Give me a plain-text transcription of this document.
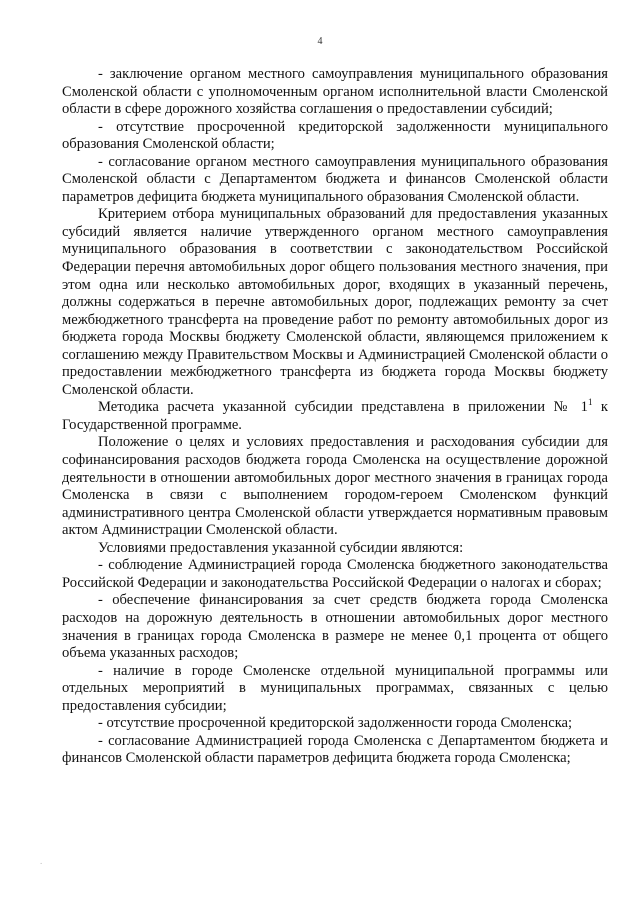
4

- заключение органом местного самоуправления муниципального образования Смоленской области с уполномоченным органом исполнительной власти Смоленской области в сфере дорожного хозяйства соглашения о предоставлении субсидий;

- отсутствие просроченной кредиторской задолженности муниципального образования Смоленской области;

- согласование органом местного самоуправления муниципального образования Смоленской области с Департаментом бюджета и финансов Смоленской области параметров дефицита бюджета муниципального образования Смоленской области.

Критерием отбора муниципальных образований для предоставления указанных субсидий является наличие утвержденного органом местного самоуправления муниципального образования в соответствии с законодательством Российской Федерации перечня автомобильных дорог общего пользования местного значения, при этом одна или несколько автомобильных дорог, входящих в указанный перечень, должны содержаться в перечне автомобильных дорог, подлежащих ремонту за счет межбюджетного трансферта на проведение работ по ремонту автомобильных дорог из бюджета города Москвы бюджету Смоленской области, являющемся приложением к соглашению между Правительством Москвы и Администрацией Смоленской области о предоставлении межбюджетного трансферта из бюджета города Москвы бюджету Смоленской области.

Методика расчета указанной субсидии представлена в приложении № $1^1$ к Государственной программе.

Положение о целях и условиях предоставления и расходования субсидии для софинансирования расходов бюджета города Смоленска на осуществление дорожной деятельности в отношении автомобильных дорог местного значения в границах города Смоленска в связи с выполнением городом-героем Смоленском функций административного центра Смоленской области утверждается нормативным правовым актом Администрации Смоленской области.

Условиями предоставления указанной субсидии являются:

- соблюдение Администрацией города Смоленска бюджетного законодательства Российской Федерации и законодательства Российской Федерации о налогах и сборах;

- обеспечение финансирования за счет средств бюджета города Смоленска расходов на дорожную деятельность в отношении автомобильных дорог местного значения в границах города Смоленска в размере не менее 0,1 процента от общего объема указанных расходов;

- наличие в городе Смоленске отдельной муниципальной программы или отдельных мероприятий в муниципальных программах, связанных с целью предоставления субсидии;

- отсутствие просроченной кредиторской задолженности города Смоленска;

- согласование Администрацией города Смоленска с Департаментом бюджета и финансов Смоленской области параметров дефицита бюджета города Смоленска;

.
